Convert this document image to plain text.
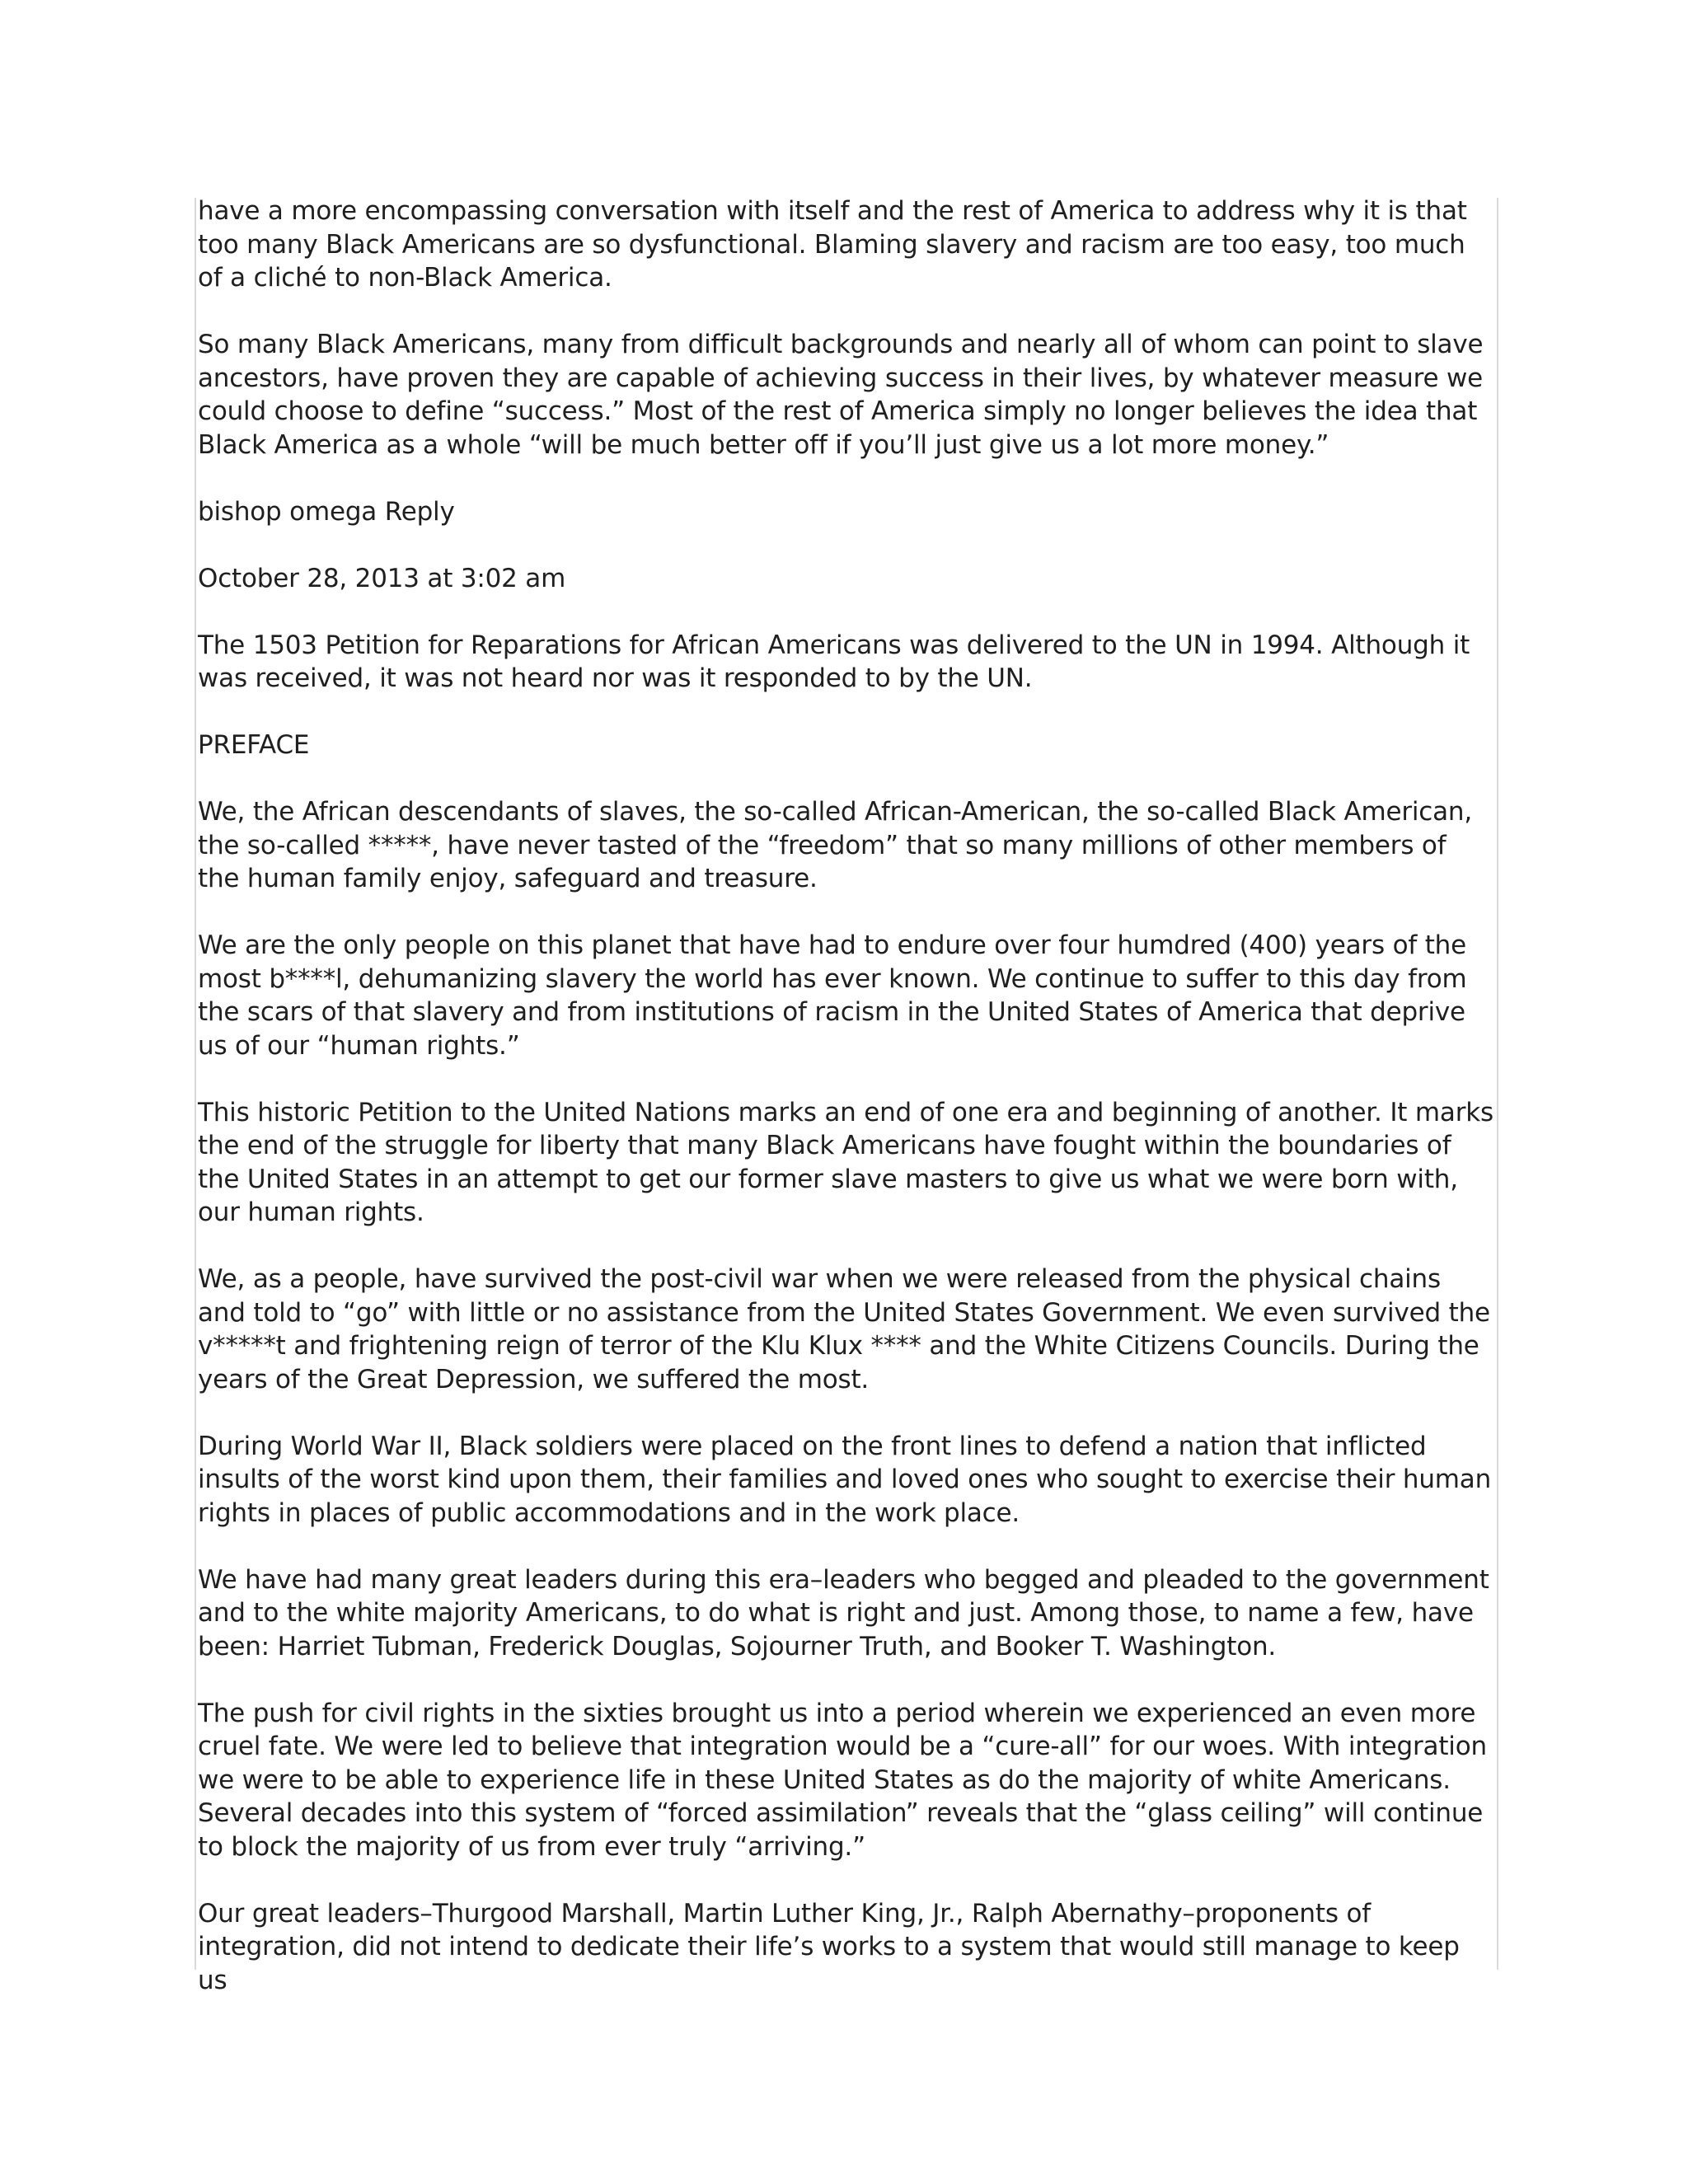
have a more encompassing conversation with itself and the rest of America to address why it is that too many Black Americans are so dysfunctional. Blaming slavery and racism are too easy, too much of a cliché to non-Black America.

So many Black Americans, many from difficult backgrounds and nearly all of whom can point to slave ancestors, have proven they are capable of achieving success in their lives, by whatever measure we could choose to define “success.” Most of the rest of America simply no longer believes the idea that Black America as a whole “will be much better off if you’ll just give us a lot more money.”

bishop omega Reply

October 28, 2013 at 3:02 am

The 1503 Petition for Reparations for African Americans was delivered to the UN in 1994. Although it was received, it was not heard nor was it responded to by the UN.

PREFACE

We, the African descendants of slaves, the so-called African-American, the so-called Black American, the so-called *****, have never tasted of the “freedom” that so many millions of other members of the human family enjoy, safeguard and treasure.

We are the only people on this planet that have had to endure over four humdred (400) years of the most b****l, dehumanizing slavery the world has ever known. We continue to suffer to this day from the scars of that slavery and from institutions of racism in the United States of America that deprive us of our “human rights.”

This historic Petition to the United Nations marks an end of one era and beginning of another. It marks the end of the struggle for liberty that many Black Americans have fought within the boundaries of the United States in an attempt to get our former slave masters to give us what we were born with, our human rights.

We, as a people, have survived the post-civil war when we were released from the physical chains and told to “go” with little or no assistance from the United States Government. We even survived the v*****t and frightening reign of terror of the Klu Klux **** and the White Citizens Councils. During the years of the Great Depression, we suffered the most.

During World War II, Black soldiers were placed on the front lines to defend a nation that inflicted insults of the worst kind upon them, their families and loved ones who sought to exercise their human rights in places of public accommodations and in the work place.

We have had many great leaders during this era–leaders who begged and pleaded to the government and to the white majority Americans, to do what is right and just. Among those, to name a few, have been: Harriet Tubman, Frederick Douglas, Sojourner Truth, and Booker T. Washington.

The push for civil rights in the sixties brought us into a period wherein we experienced an even more cruel fate. We were led to believe that integration would be a “cure-all” for our woes. With integration we were to be able to experience life in these United States as do the majority of white Americans. Several decades into this system of “forced assimilation” reveals that the “glass ceiling” will continue to block the majority of us from ever truly “arriving.”

Our great leaders–Thurgood Marshall, Martin Luther King, Jr., Ralph Abernathy–proponents of integration, did not intend to dedicate their life’s works to a system that would still manage to keep us
